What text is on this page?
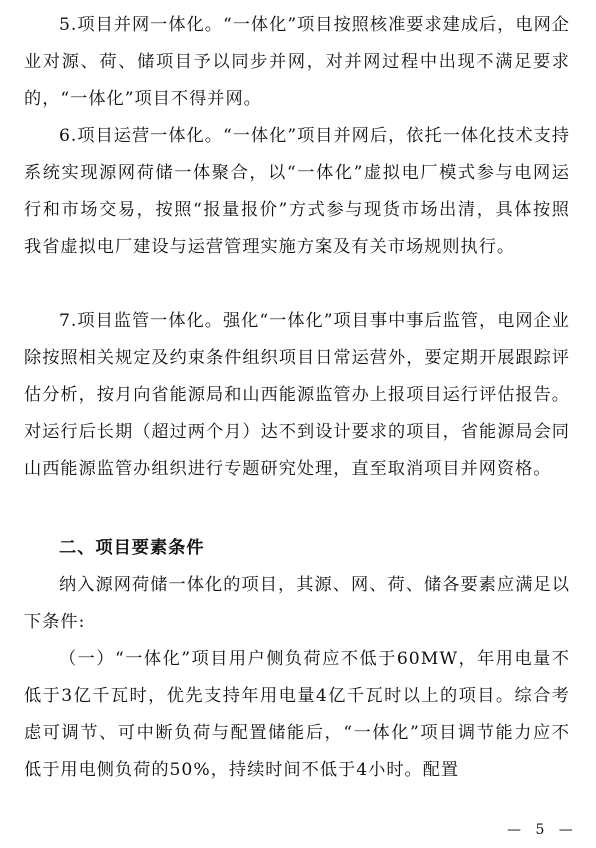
5.项目并网一体化。“一体化”项目按照核准要求建成后，电网企业对源、荷、储项目予以同步并网，对并网过程中出现不满足要求的，“一体化”项目不得并网。

6.项目运营一体化。“一体化”项目并网后，依托一体化技术支持系统实现源网荷储一体聚合，以“一体化”虚拟电厂模式参与电网运行和市场交易，按照“报量报价”方式参与现货市场出清，具体按照我省虚拟电厂建设与运营管理实施方案及有关市场规则执行。

7.项目监管一体化。强化“一体化”项目事中事后监管，电网企业除按照相关规定及约束条件组织项目日常运营外，要定期开展跟踪评估分析，按月向省能源局和山西能源监管办上报项目运行评估报告。对运行后长期（超过两个月）达不到设计要求的项目，省能源局会同山西能源监管办组织进行专题研究处理，直至取消项目并网资格。

二、项目要素条件

纳入源网荷储一体化的项目，其源、网、荷、储各要素应满足以下条件:

（一）“一体化”项目用户侧负荷应不低于60MW，年用电量不低于3亿千瓦时，优先支持年用电量4亿千瓦时以上的项目。综合考虑可调节、可中断负荷与配置储能后，“一体化”项目调节能力应不低于用电侧负荷的50%，持续时间不低于4小时。配置

— 5 —
